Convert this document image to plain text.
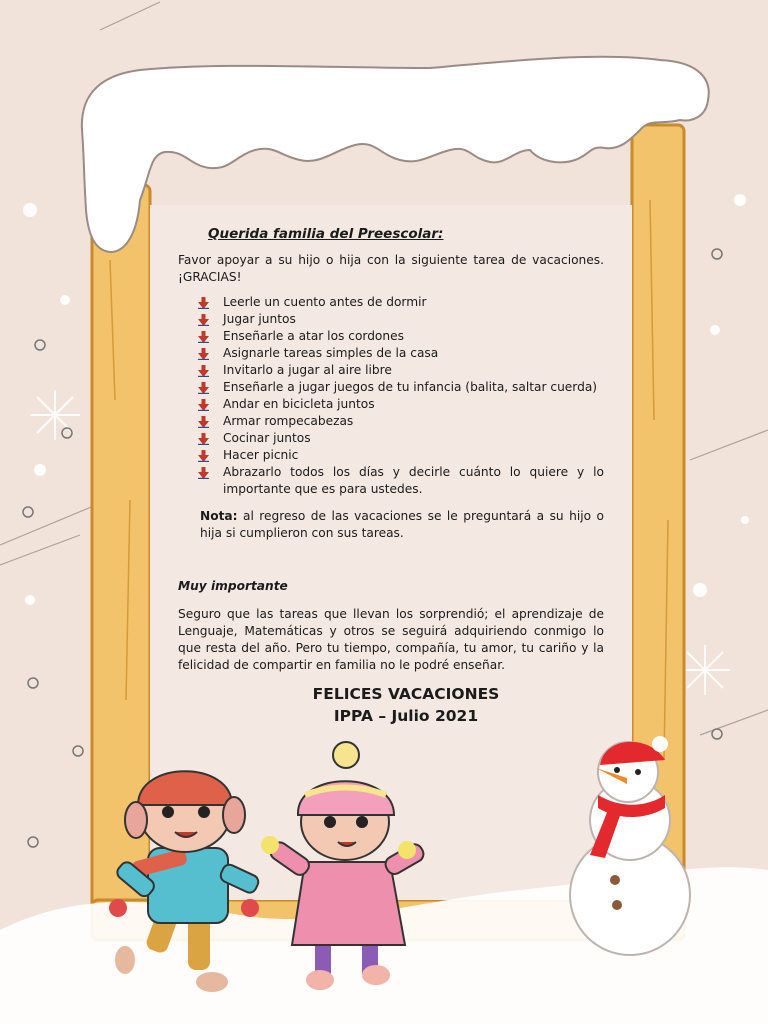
Querida familia del Preescolar:

Favor apoyar a su hijo o hija con la siguiente tarea de vacaciones. ¡GRACIAS!

Leerle un cuento antes de dormir
Jugar juntos
Enseñarle a atar los cordones
Asignarle tareas simples de la casa
Invitarlo a jugar al aire libre
Enseñarle a jugar juegos de tu infancia (balita, saltar cuerda)
Andar en bicicleta juntos
Armar rompecabezas
Cocinar juntos
Hacer picnic
Abrazarlo todos los días y decirle cuánto lo quiere y lo importante que es para ustedes.

Nota: al regreso de las vacaciones se le preguntará a su hijo o hija si cumplieron con sus tareas.

Muy importante

Seguro que las tareas que llevan los sorprendió; el aprendizaje de Lenguaje, Matemáticas y otros se seguirá adquiriendo conmigo lo que resta del año. Pero tu tiempo, compañía, tu amor, tu cariño y la felicidad de compartir en familia no le podré enseñar.

FELICES VACACIONES
IPPA – Julio 2021
